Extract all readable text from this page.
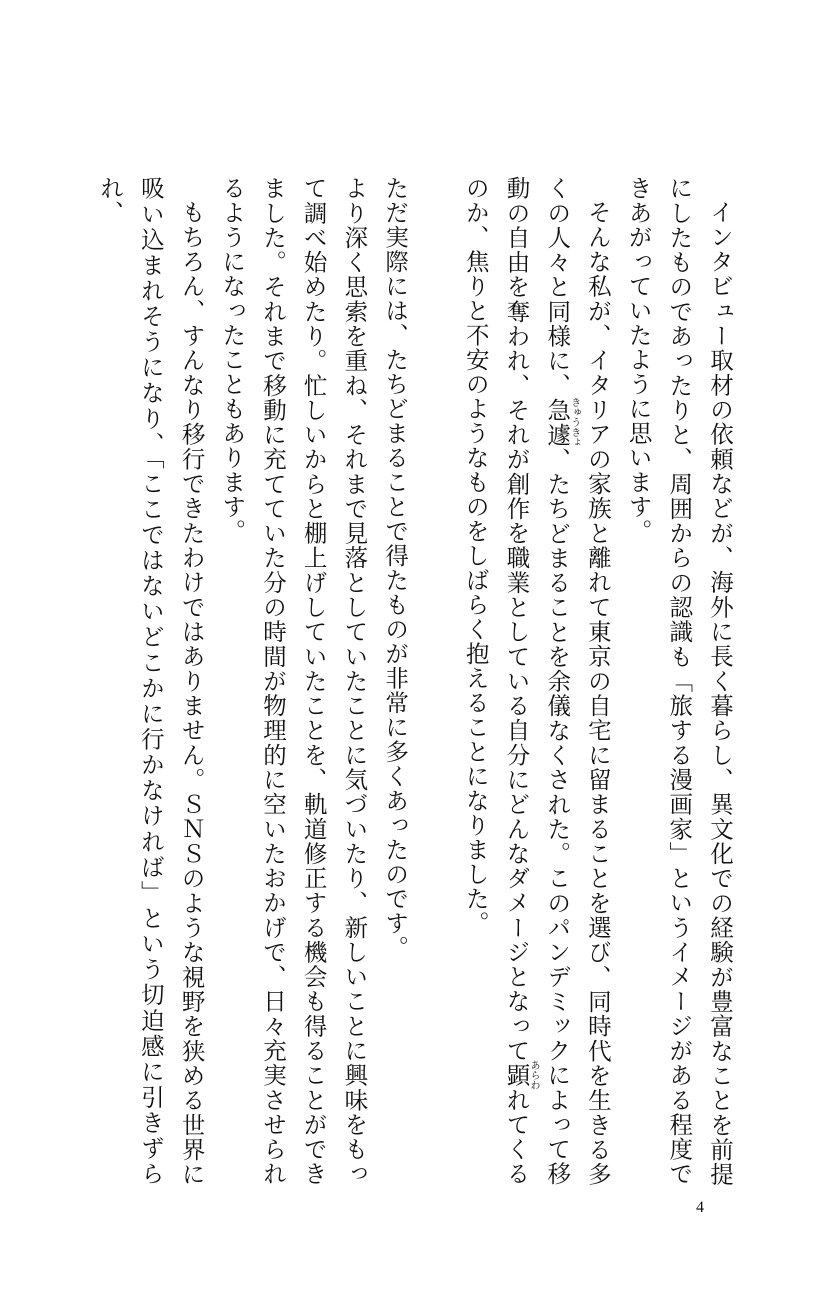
インタビュー取材の依頼などが、海外に長く暮らし、異文化での経験が豊富なことを前提にしたものであったりと、周囲からの認識も「旅する漫画家」というイメージがある程度できあがっていたように思います。

そんな私が、イタリアの家族と離れて東京の自宅に留まることを選び、同時代を生きる多くの人々と同様に、急遽きゅうきょ、たちどまることを余儀なくされた。このパンデミックによって移動の自由を奪われ、それが創作を職業としている自分にどんなダメージとなって顕あらわれてくるのか、焦りと不安のようなものをしばらく抱えることになりました。

ただ実際には、たちどまることで得たものが非常に多くあったのです。

より深く思索を重ね、それまで見落としていたことに気づいたり、新しいことに興味をもって調べ始めたり。忙しいからと棚上げしていたことを、軌道修正する機会も得ることができました。それまで移動に充てていた分の時間が物理的に空いたおかげで、日々充実させられるようになったこともあります。

もちろん、すんなり移行できたわけではありません。ＳＮＳのような視野を狭める世界に吸い込まれそうになり、「ここではないどこかに行かなければ」という切迫感に引きずられ、

4
